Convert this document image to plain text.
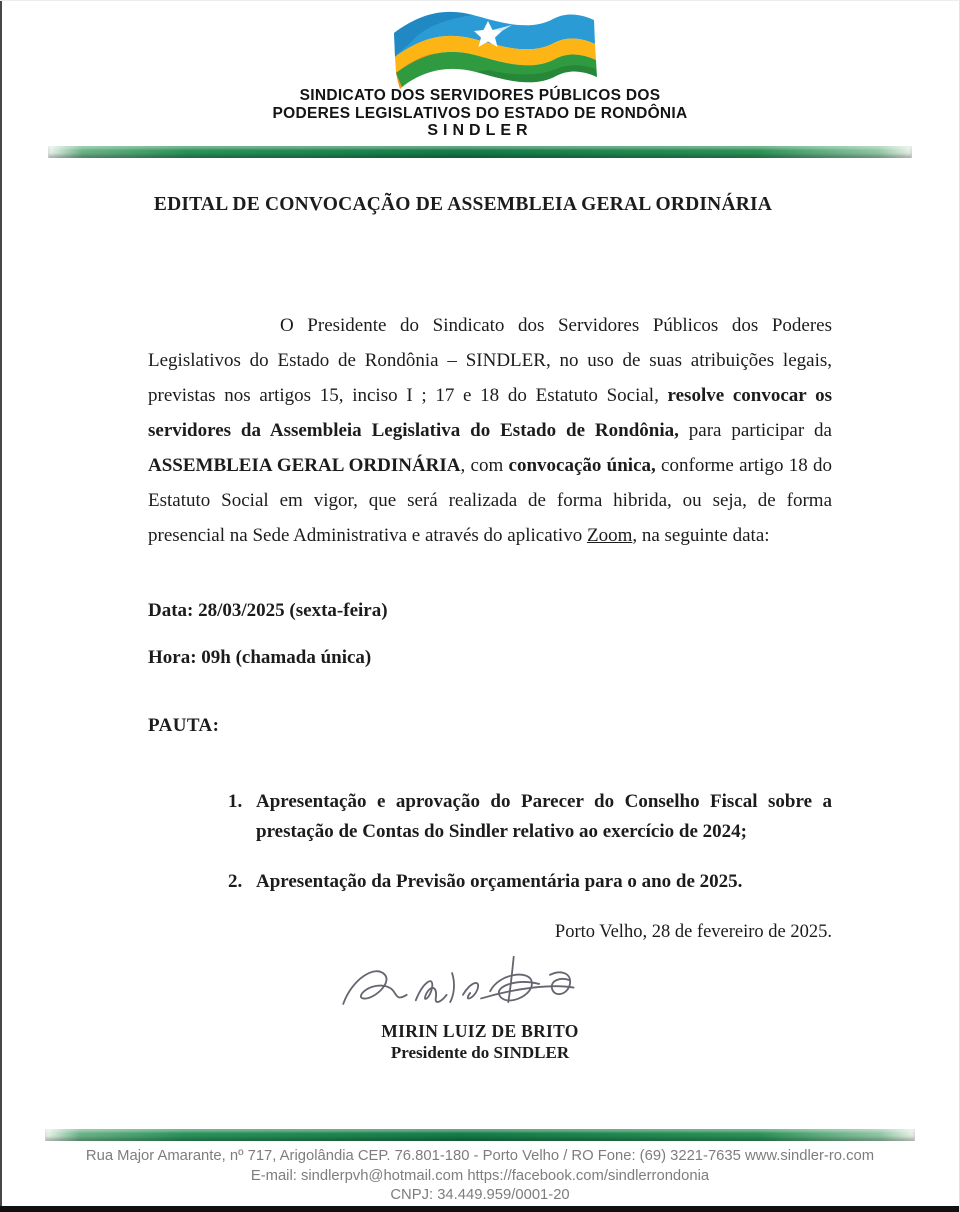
SINDICATO DOS SERVIDORES PÚBLICOS DOS
PODERES LEGISLATIVOS DO ESTADO DE RONDÔNIA
SINDLER
EDITAL DE CONVOCAÇÃO DE ASSEMBLEIA GERAL ORDINÁRIA

O Presidente do Sindicato dos Servidores Públicos dos Poderes Legislativos do Estado de Rondônia – SINDLER, no uso de suas atribuições legais, previstas nos artigos 15, inciso I ; 17 e 18 do Estatuto Social, resolve convocar os servidores da Assembleia Legislativa do Estado de Rondônia, para participar da ASSEMBLEIA GERAL ORDINÁRIA, com convocação única, conforme artigo 18 do Estatuto Social em vigor, que será realizada de forma hibrida, ou seja, de forma presencial na Sede Administrativa e através do aplicativo Zoom, na seguinte data:

Data: 28/03/2025 (sexta-feira)
Hora: 09h (chamada única)
PAUTA:
Apresentação e aprovação do Parecer do Conselho Fiscal sobre a prestação de Contas do Sindler relativo ao exercício de 2024;
Apresentação da Previsão orçamentária para o ano de 2025.
Porto Velho, 28 de fevereiro de 2025.
MIRIN LUIZ DE BRITO
Presidente do SINDLER
Rua Major Amarante, nº 717, Arigolândia CEP. 76.801-180 - Porto Velho / RO Fone: (69) 3221-7635 www.sindler-ro.com
E-mail: sindlerpvh@hotmail.com https://facebook.com/sindlerrondonia
CNPJ: 34.449.959/0001-20
